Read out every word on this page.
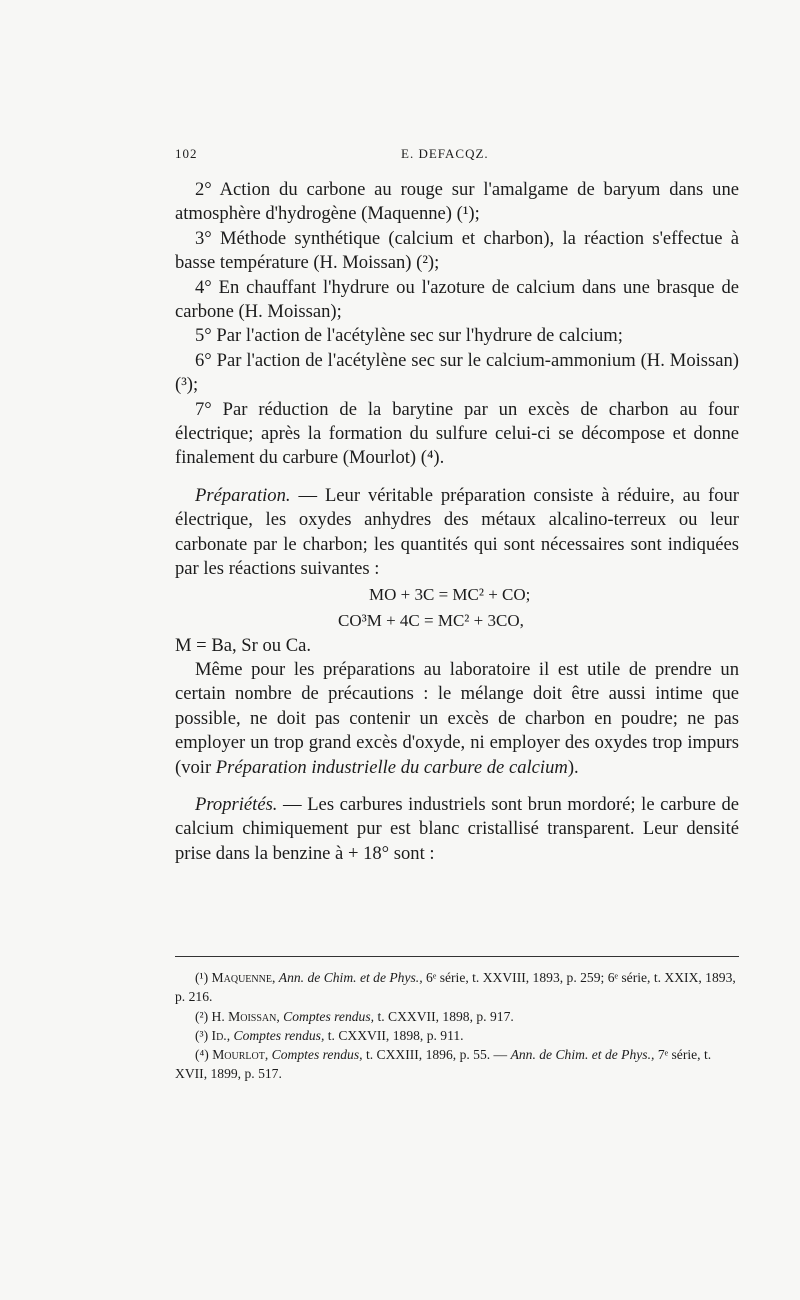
102	E. DEFACQZ.

2° Action du carbone au rouge sur l'amalgame de baryum dans une atmosphère d'hydrogène (Maquenne) (¹);

3° Méthode synthétique (calcium et charbon), la réaction s'effectue à basse température (H. Moissan) (²);

4° En chauffant l'hydrure ou l'azoture de calcium dans une brasque de carbone (H. Moissan);

5° Par l'action de l'acétylène sec sur l'hydrure de calcium;

6° Par l'action de l'acétylène sec sur le calcium-ammonium (H. Moissan) (³);

7° Par réduction de la barytine par un excès de charbon au four électrique; après la formation du sulfure celui-ci se décompose et donne finalement du carbure (Mourlot) (⁴).

Préparation. — Leur véritable préparation consiste à réduire, au four électrique, les oxydes anhydres des métaux alcalino-terreux ou leur carbonate par le charbon; les quantités qui sont nécessaires sont indiquées par les réactions suivantes :

MO + 3C = MC² + CO;

CO³M + 4C = MC² + 3CO,

M = Ba, Sr ou Ca.

Même pour les préparations au laboratoire il est utile de prendre un certain nombre de précautions : le mélange doit être aussi intime que possible, ne doit pas contenir un excès de charbon en poudre; ne pas employer un trop grand excès d'oxyde, ni employer des oxydes trop impurs (voir Préparation industrielle du carbure de calcium).

Propriétés. — Les carbures industriels sont brun mordoré; le carbure de calcium chimiquement pur est blanc cristallisé transparent. Leur densité prise dans la benzine à + 18° sont :

(¹) Maquenne, Ann. de Chim. et de Phys., 6ᵉ série, t. XXVIII, 1893, p. 259; 6ᵉ série, t. XXIX, 1893, p. 216.

(²) H. Moissan, Comptes rendus, t. CXXVII, 1898, p. 917.

(³) Id., Comptes rendus, t. CXXVII, 1898, p. 911.

(⁴) Mourlot, Comptes rendus, t. CXXIII, 1896, p. 55. — Ann. de Chim. et de Phys., 7ᵉ série, t. XVII, 1899, p. 517.
